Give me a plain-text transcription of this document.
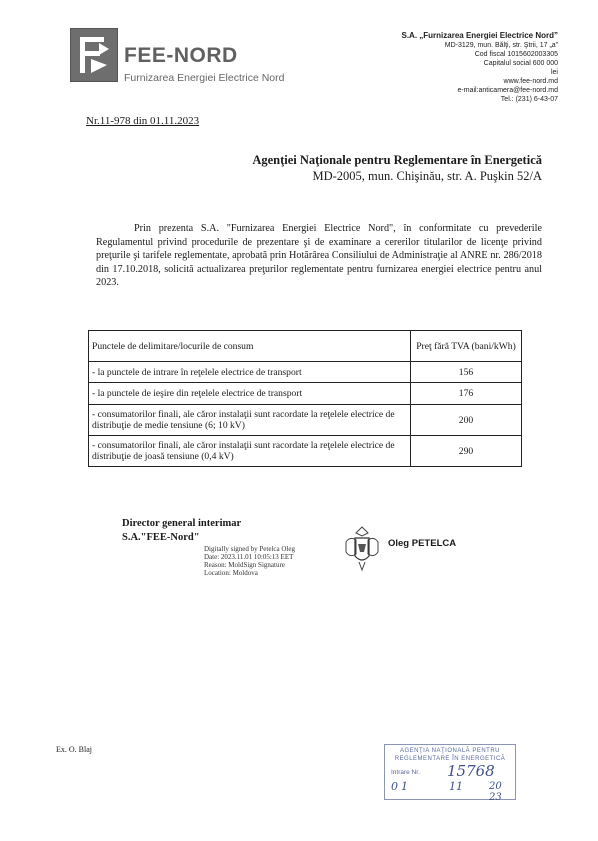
FEE-NORD
Furnizarea Energiei Electrice Nord
S.A. „Furnizarea Energiei Electrice Nord”
MD-3129, mun. Bălţi, str. Ştrii, 17 „a”
Cod fiscal 1015602003305
Capitalul social 600 000
lei
www.fee-nord.md
e-mail:anticamera@fee-nord.md
Tel.: (231) 6-43-07
Nr.11-978 din 01.11.2023
Agenţiei Naţionale pentru Reglementare în Energetică
MD-2005, mun. Chişinău, str. A. Puşkin 52/A
Prin prezenta S.A. "Furnizarea Energiei Electrice Nord", în conformitate cu prevederile Regulamentul privind procedurile de prezentare şi de examinare a cererilor titularilor de licenţe privind preţurile şi tarifele reglementate, aprobată prin Hotărârea Consiliului de Administraţie al ANRE nr. 286/2018 din 17.10.2018, solicită actualizarea preţurilor reglementate pentru furnizarea energiei electrice pentru anul 2023.
Punctele de delimitare/locurile de consum	Preţ fără TVA (bani/kWh)
- la punctele de intrare în reţelele electrice de transport	156
- la punctele de ieşire din reţelele electrice de transport	176
- consumatorilor finali, ale căror instalaţii sunt racordate la reţelele electrice de distribuţie de medie tensiune (6; 10 kV)	200
- consumatorilor finali, ale căror instalaţii sunt racordate la reţelele electrice de distribuţie de joasă tensiune (0,4 kV)	290
Director general interimar
S.A."FEE-Nord"
Digitally signed by Petelca Oleg
Date: 2023.11.01 10:05:13 EET
Reason: MoldSign Signature
Location: Moldova
Oleg PETELCA
Ex. O. Blaj	AGENŢIA NAŢIONALĂ PENTRU
REGLEMENTARE ÎN ENERGETICĂ
Intrare Nr. 15768
01	11	20 23
